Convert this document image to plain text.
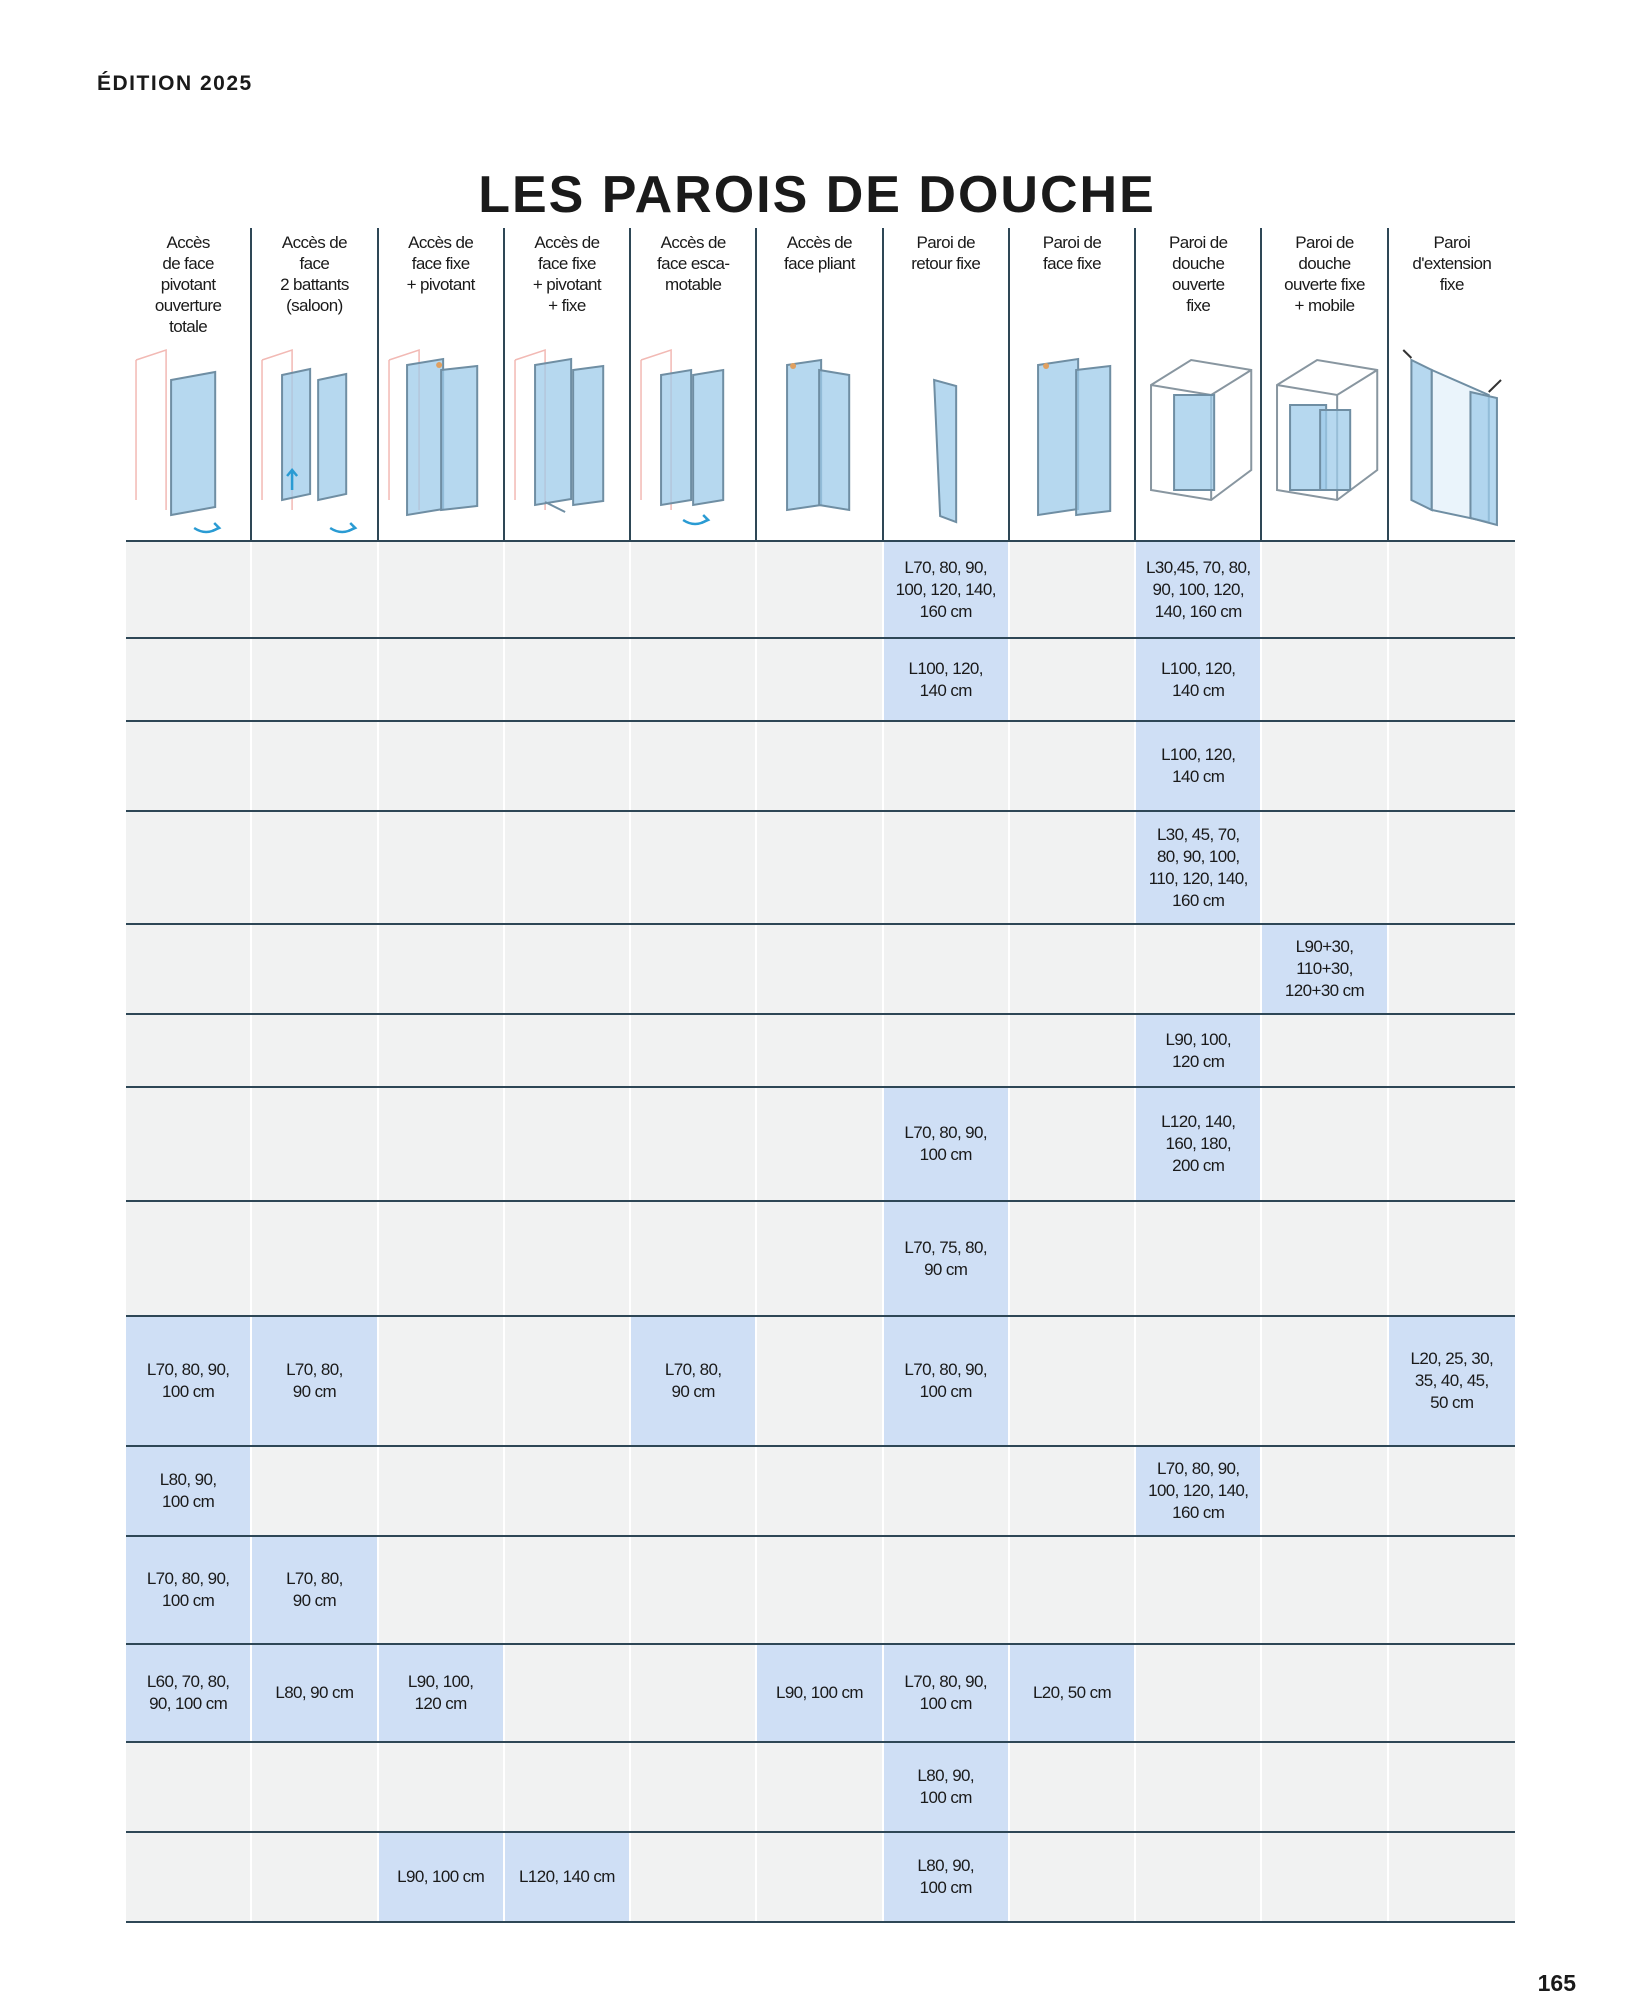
ÉDITION 2025
LES PAROIS DE DOUCHE
Accès
de face
pivotant
ouverture
totale
Accès de
face
2 battants
(saloon)
Accès de
face fixe
+ pivotant
Accès de
face fixe
+ pivotant
+ fixe
Accès de
face esca-
motable
Accès de
face pliant
Paroi de
retour fixe
Paroi de
face fixe
Paroi de
douche
ouverte
fixe
Paroi de
douche
ouverte fixe
+ mobile
Paroi
d'extension
fixe
L70, 80, 90,
100, 120, 140,
160 cm
L30,45, 70, 80,
90, 100, 120,
140, 160 cm
L100, 120,
140 cm
L100, 120,
140 cm
L100, 120,
140 cm
L30, 45, 70,
80, 90, 100,
110, 120, 140,
160 cm
L90+30,
110+30,
120+30 cm
L90, 100,
120 cm
L70, 80, 90,
100 cm
L120, 140,
160, 180,
200 cm
L70, 75, 80,
90 cm
L70, 80, 90,
100 cm
L70, 80,
90 cm
L70, 80,
90 cm
L70, 80, 90,
100 cm
L20, 25, 30,
35, 40, 45,
50 cm
L80, 90,
100 cm
L70, 80, 90,
100, 120, 140,
160 cm
L70, 80, 90,
100 cm
L70, 80,
90 cm
L60, 70, 80,
90, 100 cm
L80, 90 cm
L90, 100,
120 cm
L90, 100 cm
L70, 80, 90,
100 cm
L20, 50 cm
L80, 90,
100 cm
L90, 100 cm	L120, 140 cm
L80, 90,
100 cm
165
